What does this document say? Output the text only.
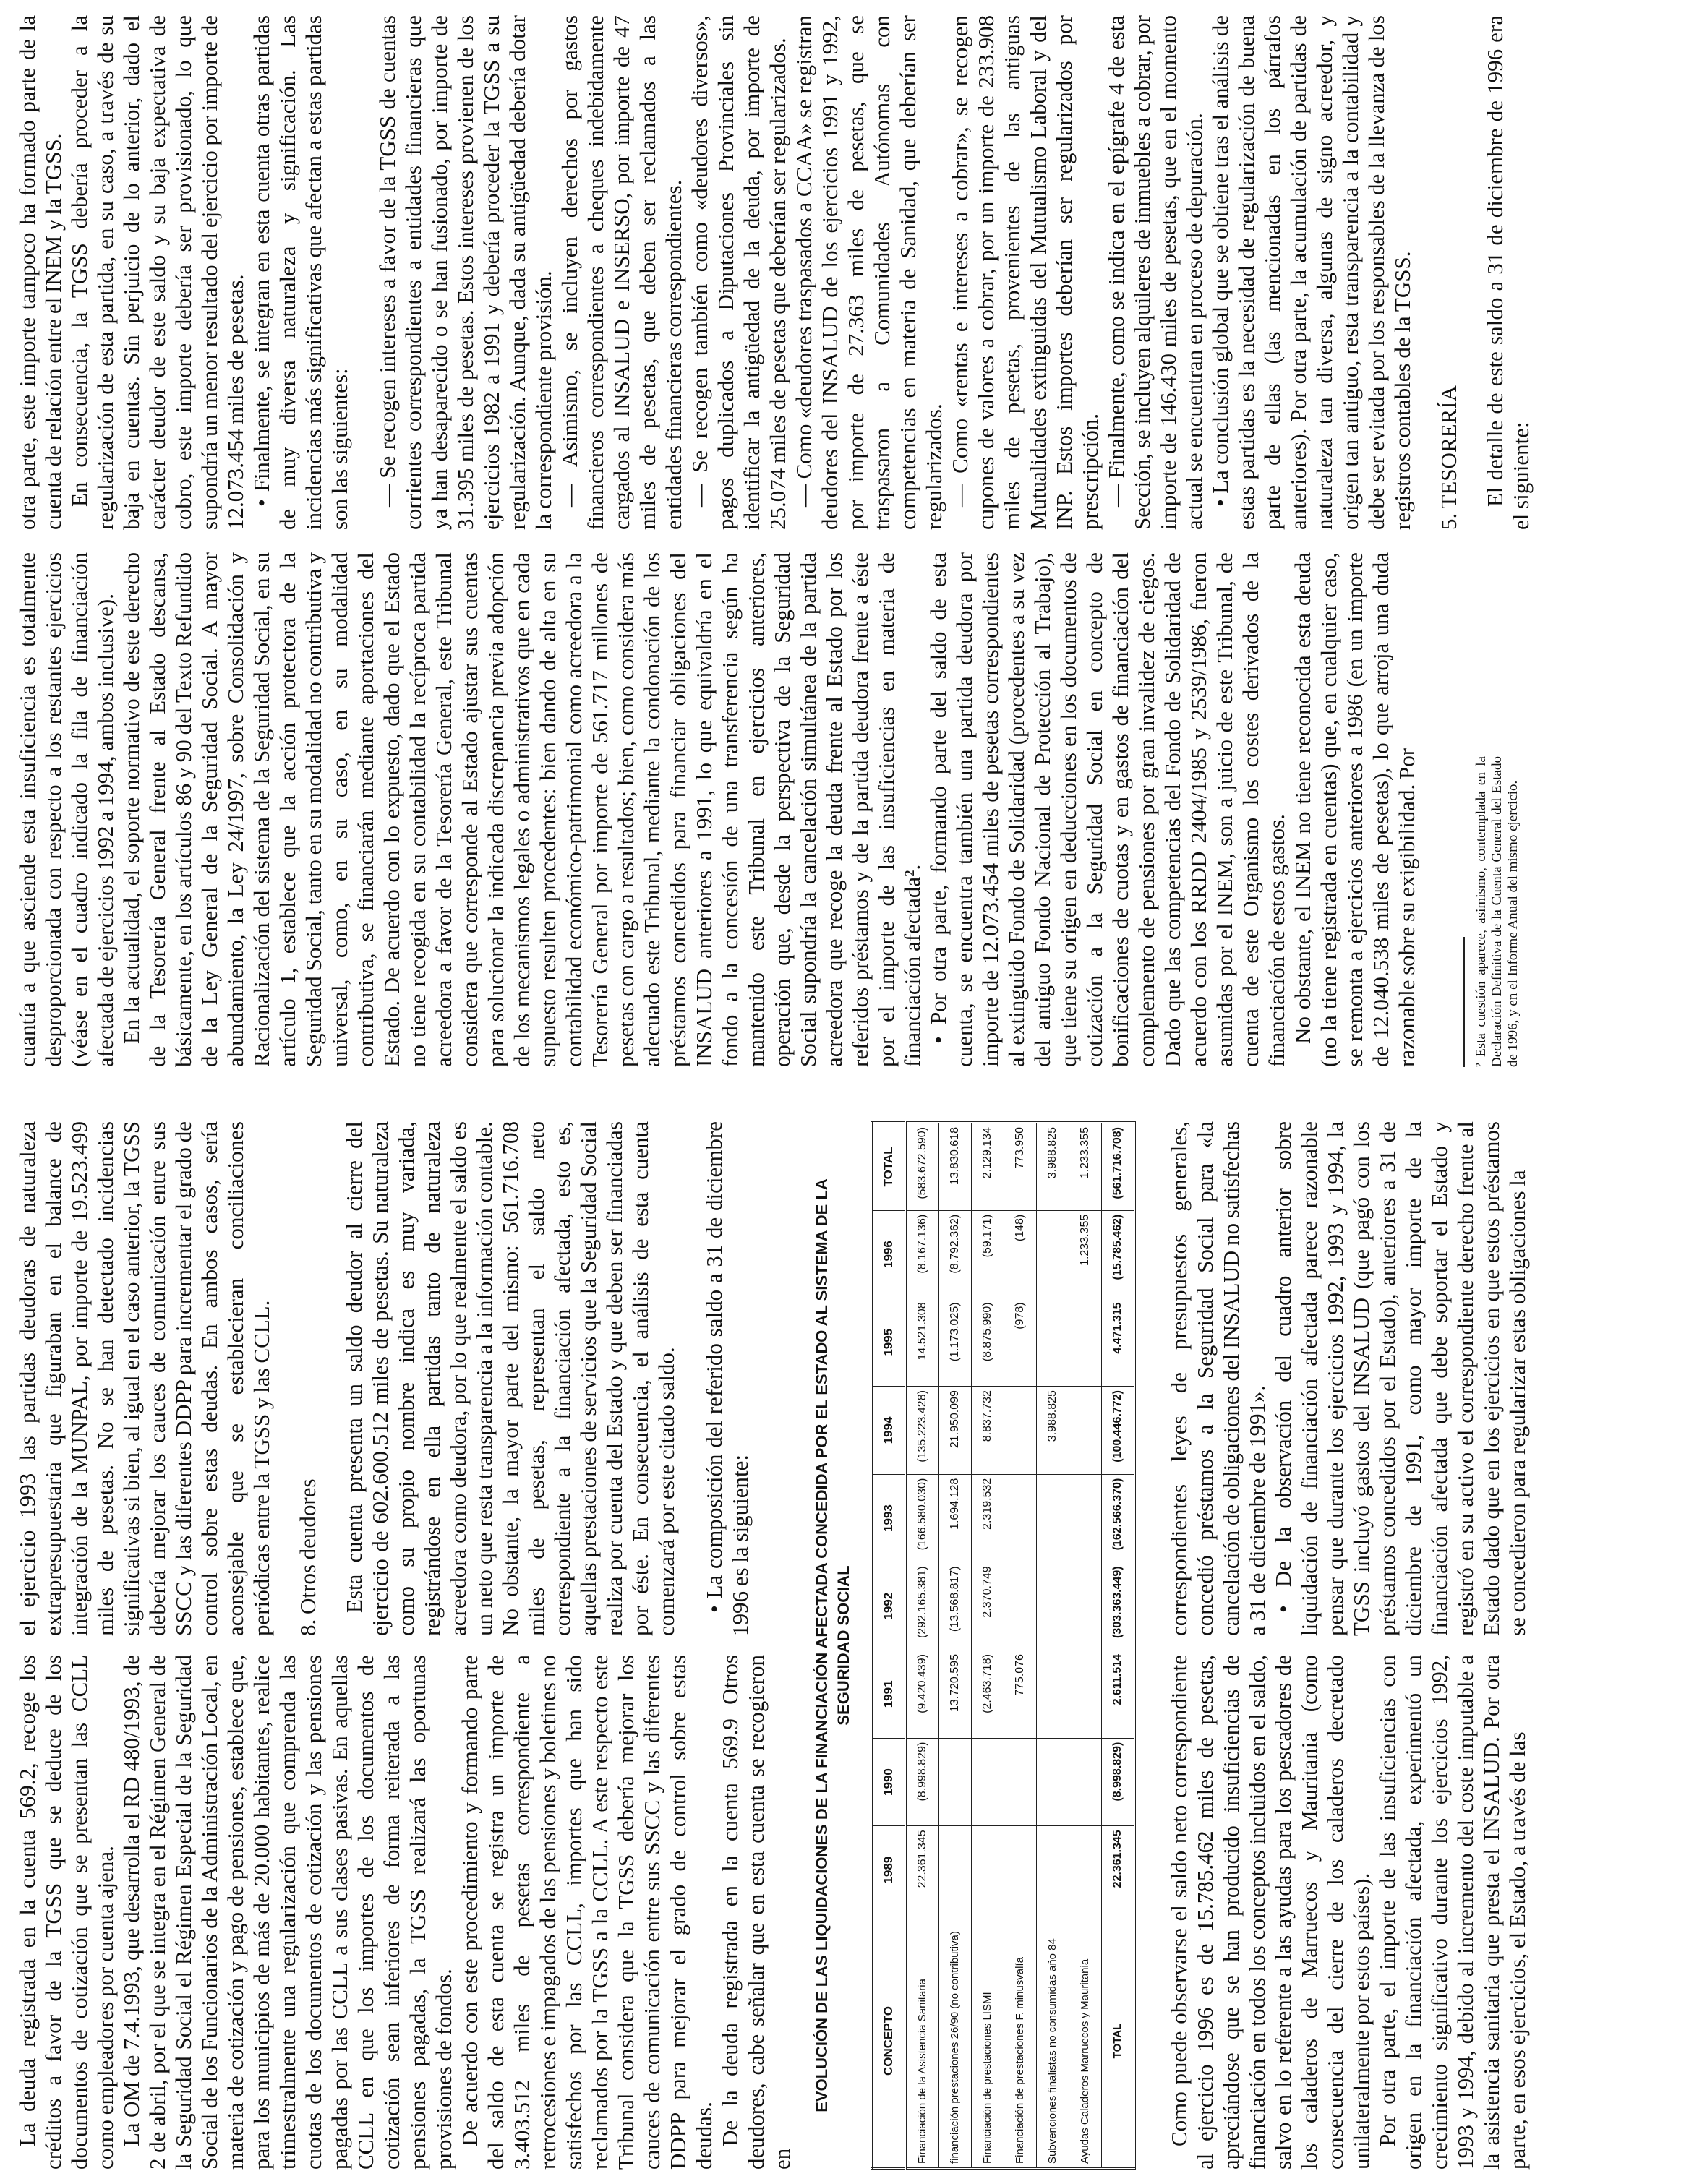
La deuda registrada en la cuenta 569.2, recoge los créditos a favor de la TGSS que se deduce de los documentos de cotización que se presentan las CCLL como empleadores por cuenta ajena. La OM de 7.4.1993, que desarrolla el RD 480/1993, de 2 de abril, por el que se integra en el Régimen General de la Seguridad Social el Régimen Especial de la Seguridad Social de los Funcionarios de la Administración Local, en materia de cotización y pago de pensiones, establece que, para los municipios de más de 20.000 habitantes, realice trimestralmente una regularización que comprenda las cuotas de los documentos de cotización y las pensiones pagadas por las CCLL a sus clases pasivas. En aquellas CCLL en que los importes de los documentos de cotización sean inferiores de forma reiterada a las pensiones pagadas, la TGSS realizará las oportunas provisiones de fondos. De acuerdo con este procedimiento y formando parte del saldo de esta cuenta se registra un importe de 3.403.512 miles de pesetas correspondiente a retrocesiones e impagados de las pensiones y boletines no satisfechos por las CCLL, importes que han sido reclamados por la TGSS a la CCLL. A este respecto este Tribunal considera que la TGSS debería mejorar los cauces de comunicación entre sus SSCC y las diferentes DDPP para mejorar el grado de control sobre estas deudas. De la deuda registrada en la cuenta 569.9 Otros deudores, cabe señalar que en esta cuenta se recogieron en

el ejercicio 1993 las partidas deudoras de naturaleza extrapresupuestaria que figuraban en el balance de integración de la MUNPAL, por importe de 19.523.499 miles de pesetas. No se han detectado incidencias significativas si bien, al igual en el caso anterior, la TGSS debería mejorar los cauces de comunicación entre sus SSCC y las diferentes DDPP para incrementar el grado de control sobre estas deudas. En ambos casos, sería aconsejable que se establecieran conciliaciones periódicas entre la TGSS y las CCLL. 8. Otros deudores Esta cuenta presenta un saldo deudor al cierre del ejercicio de 602.600.512 miles de pesetas. Su naturaleza como su propio nombre indica es muy variada, registrándose en ella partidas tanto de naturaleza acreedora como deudora, por lo que realmente el saldo es un neto que resta transparencia a la información contable. No obstante, la mayor parte del mismo: 561.716.708 miles de pesetas, representan el saldo neto correspondiente a la financiación afectada, esto es, aquellas prestaciones de servicios que la Seguridad Social realiza por cuenta del Estado y que deben ser financiadas por éste. En consecuencia, el análisis de esta cuenta comenzará por este citado saldo. • La composición del referido saldo a 31 de diciembre 1996 es la siguiente:	EVOLUCIÓN DE LAS LIQUIDACIONES DE LA FINANCIACIÓN AFECTADA CONCEDIDA POR EL ESTADO AL SISTEMA DE LA SEGURIDAD SOCIAL
CONCEPTO	1989	1990	1991	1992	1993	1994	1995	1996	TOTAL
Financiación de la Asistencia Sanitaria	22.361.345	(8.998.829)	(9.420.439)	(292.165.381)	(166.580.030)	(135.223.428)	14.521.308	(8.167.136)	(583.672.590)
financiación prestaciones 26/90 (no contributiva)			13.720.595	(13.568.817)	1.694.128	21.950.099	(1.173.025)	(8.792.362)	13.830.618
Financiación de prestaciones LISMI			(2.463.718)	2.370.749	2.319.532	8.837.732	(8.875.990)	(59.171)	2.129.134
Financiación de prestaciones F. minusvalía			775.076				(978)	(148)	773.950
Subvenciones finalistas no consumidas año 84						3.988.825			3.988.825
Ayudas Caladeros Marruecos y Mauritania								1.233.355	1.233.355
TOTAL	22.361.345	(8.998.829)	2.611.514	(303.363.449)	(162.566.370)	(100.446.772)	4.471.315	(15.785.462)	(561.716.708)

Como puede observarse el saldo neto correspondiente al ejercicio 1996 es de 15.785.462 miles de pesetas, apreciándose que se han producido insuficiencias de financiación en todos los conceptos incluidos en el saldo, salvo en lo referente a las ayudas para los pescadores de los caladeros de Marruecos y Mauritania (como consecuencia del cierre de los caladeros decretado unilateralmente por estos países). Por otra parte, el importe de las insuficiencias con origen en la financiación afectada, experimentó un crecimiento significativo durante los ejercicios 1992, 1993 y 1994, debido al incremento del coste imputable a la asistencia sanitaria que presta el INSALUD. Por otra parte, en esos ejercicios, el Estado, a través de las

correspondientes leyes de presupuestos generales, concedió préstamos a la Seguridad Social para «la cancelación de obligaciones del INSALUD no satisfechas a 31 de diciembre de 1991». • De la observación del cuadro anterior sobre liquidación de financiación afectada parece razonable pensar que durante los ejercicios 1992, 1993 y 1994, la TGSS incluyó gastos del INSALUD (que pagó con los préstamos concedidos por el Estado), anteriores a 31 de diciembre de 1991, como mayor importe de la financiación afectada que debe soportar el Estado y registró en su activo el correspondiente derecho frente al Estado dado que en los ejercicios en que estos préstamos se concedieron para regularizar estas obligaciones la

cuantía a que asciende esta insuficiencia es totalmente desproporcionada con respecto a los restantes ejercicios (véase en el cuadro indicado la fila de financiación afectada de ejercicios 1992 a 1994, ambos inclusive). En la actualidad, el soporte normativo de este derecho de la Tesorería General frente al Estado descansa, básicamente, en los artículos 86 y 90 del Texto Refundido de la Ley General de la Seguridad Social. A mayor abundamiento, la Ley 24/1997, sobre Consolidación y Racionalización del sistema de la Seguridad Social, en su artículo 1, establece que la acción protectora de la Seguridad Social, tanto en su modalidad no contributiva y universal, como, en su caso, en su modalidad contributiva, se financiarán mediante aportaciones del Estado. De acuerdo con lo expuesto, dado que el Estado no tiene recogida en su contabilidad la recíproca partida acreedora a favor de la Tesorería General, este Tribunal considera que corresponde al Estado ajustar sus cuentas para solucionar la indicada discrepancia previa adopción de los mecanismos legales o administrativos que en cada supuesto resulten procedentes: bien dando de alta en su contabilidad económico-patrimonial como acreedora a la Tesorería General por importe de 561.717 millones de pesetas con cargo a resultados; bien, como considera más adecuado este Tribunal, mediante la condonación de los préstamos concedidos para financiar obligaciones del INSALUD anteriores a 1991, lo que equivaldría en el fondo a la concesión de una transferencia según ha mantenido este Tribunal en ejercicios anteriores, operación que, desde la perspectiva de la Seguridad Social supondría la cancelación simultánea de la partida acreedora que recoge la deuda frente al Estado por los referidos préstamos y de la partida deudora frente a éste por el importe de las insuficiencias en materia de financiación afectada². • Por otra parte, formando parte del saldo de esta cuenta, se encuentra también una partida deudora por importe de 12.073.454 miles de pesetas correspondientes al extinguido Fondo de Solidaridad (procedentes a su vez del antiguo Fondo Nacional de Protección al Trabajo), que tiene su origen en deducciones en los documentos de cotización a la Seguridad Social en concepto de bonificaciones de cuotas y en gastos de financiación del complemento de pensiones por gran invalidez de ciegos. Dado que las competencias del Fondo de Solidaridad de acuerdo con los RRDD 2404/1985 y 2539/1986, fueron asumidas por el INEM, son a juicio de este Tribunal, de cuenta de este Organismo los costes derivados de la financiación de estos gastos. No obstante, el INEM no tiene reconocida esta deuda (no la tiene registrada en cuentas) que, en cualquier caso, se remonta a ejercicios anteriores a 1986 (en un importe de 12.040.538 miles de pesetas), lo que arroja una duda razonable sobre su exigibilidad. Por	² Esta cuestión aparece, asimismo, contemplada en la Declaración Definitiva de la Cuenta General del Estado de 1996, y en el Informe Anual del mismo ejercicio.

otra parte, este importe tampoco ha formado parte de la cuenta de relación entre el INEM y la TGSS. En consecuencia, la TGSS debería proceder a la regularización de esta partida, en su caso, a través de su baja en cuentas. Sin perjuicio de lo anterior, dado el carácter deudor de este saldo y su baja expectativa de cobro, este importe debería ser provisionado, lo que supondría un menor resultado del ejercicio por importe de 12.073.454 miles de pesetas. • Finalmente, se integran en esta cuenta otras partidas de muy diversa naturaleza y significación. Las incidencias más significativas que afectan a estas partidas son las siguientes: — Se recogen intereses a favor de la TGSS de cuentas corrientes correspondientes a entidades financieras que ya han desaparecido o se han fusionado, por importe de 31.395 miles de pesetas. Estos intereses provienen de los ejercicios 1982 a 1991 y debería proceder la TGSS a su regularización. Aunque, dada su antigüedad debería dotar la correspondiente provisión. — Asimismo, se incluyen derechos por gastos financieros correspondientes a cheques indebidamente cargados al INSALUD e INSERSO, por importe de 47 miles de pesetas, que deben ser reclamados a las entidades financieras correspondientes. — Se recogen también como «deudores diversos», pagos duplicados a Diputaciones Provinciales sin identificar la antigüedad de la deuda, por importe de 25.074 miles de pesetas que deberían ser regularizados. — Como «deudores traspasados a CCAA» se registran deudores del INSALUD de los ejercicios 1991 y 1992, por importe de 27.363 miles de pesetas, que se traspasaron a Comunidades Autónomas con competencias en materia de Sanidad, que deberían ser regularizados. — Como «rentas e intereses a cobrar», se recogen cupones de valores a cobrar, por un importe de 233.908 miles de pesetas, provenientes de las antiguas Mutualidades extinguidas del Mutualismo Laboral y del INP. Estos importes deberían ser regularizados por prescripción. — Finalmente, como se indica en el epígrafe 4 de esta Sección, se incluyen alquileres de inmuebles a cobrar, por importe de 146.430 miles de pesetas, que en el momento actual se encuentran en proceso de depuración. • La conclusión global que se obtiene tras el análisis de estas partidas es la necesidad de regularización de buena parte de ellas (las mencionadas en los párrafos anteriores). Por otra parte, la acumulación de partidas de naturaleza tan diversa, algunas de signo acreedor, y origen tan antiguo, resta transparencia a la contabilidad y debe ser evitada por los responsables de la llevanza de los registros contables de la TGSS. 5. TESORERÍA El detalle de este saldo a 31 de diciembre de 1996 era el siguiente:
